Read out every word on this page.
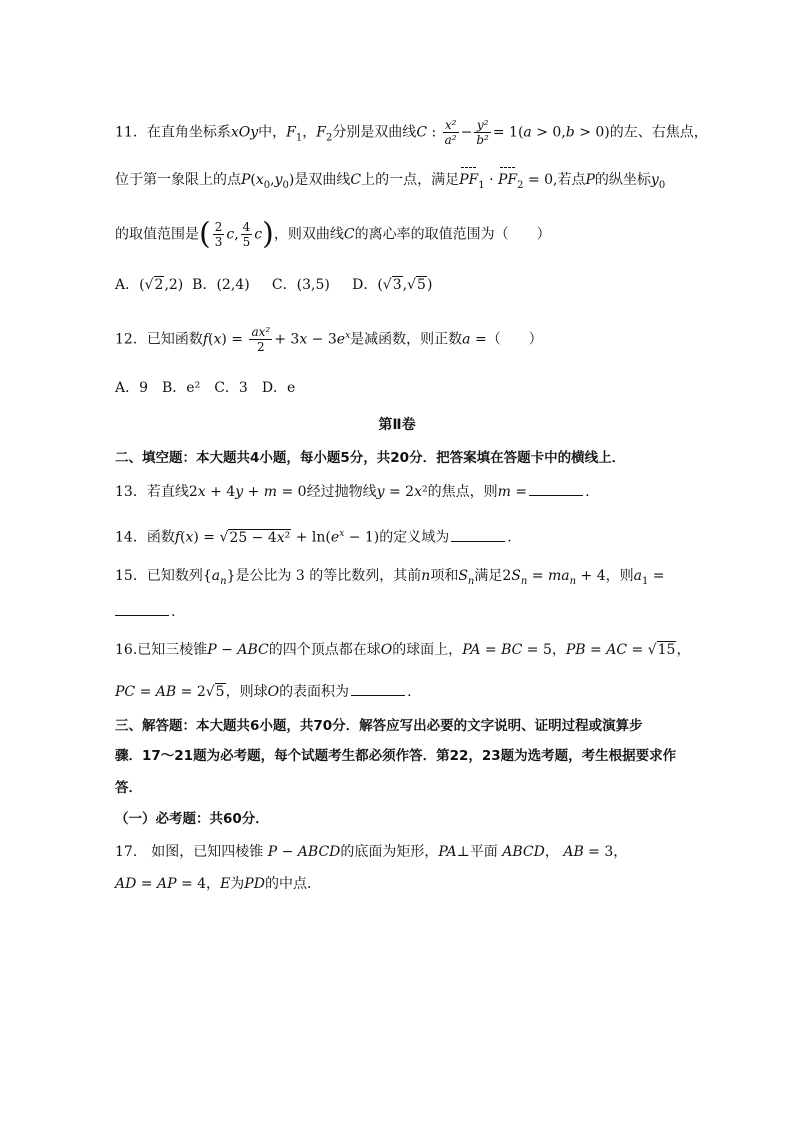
11．在直角坐标系xOy中，$F_1$，$F_2$分别是双曲线C : $\frac{\text{x²}}{\text{a²}} - \frac{\text{y²}}{\text{b²}} = 1(a > 0,b > 0)$的左、右焦点，
位于第一象限上的点$P(x_0,y_0)$是双曲线C上的一点，满足$PF_1 \cdot PF_2 = 0$,若点P的纵坐标$y_0$
的取值范围是( $\frac{2}{3} c$, $\frac{4}{5} c$)，则双曲线C的离心率的取值范围为（　　）
A．(√2,2)  B．(2,4)     C．(3,5)     D．(√3,√5)
12．已知函数$f(x) = \frac{\text{ax²}}{2} + 3x - 3e^x$是减函数，则正数a =（　　）
A．9　B．e²　C．3　D．e
第Ⅱ卷
二、填空题：本大题共4小题，每小题5分，共20分．把答案填在答题卡中的横线上．
13．若直线2x + 4y + m = 0经过抛物线y = 2x²的焦点，则m =	.
14．函数$f(x) = √25 - 4x^2 + \ln(e^x - 1)$的定义域为	.
15．已知数列$\{a_n\}$是公比为 3 的等比数列，其前n项和$S_n$满足$2S_n = ma_n + 4$，则$a_1$ =
.
16.已知三棱锥P − ABC的四个顶点都在球O的球面上，PA = BC = 5，PB = AC = √15，
PC = AB = 2√5，则球O的表面积为	.
三、解答题：本大题共6小题，共70分．解答应写出必要的文字说明、证明过程或演算步
骤．17～21题为必考题，每个试题考生都必须作答．第22，23题为选考题，考生根据要求作
答．
（一）必考题：共60分．
17． 如图，已知四棱锥 P − ABCD的底面为矩形，PA⊥平面 ABCD， AB = 3，
AD = AP = 4，E为PD的中点．
